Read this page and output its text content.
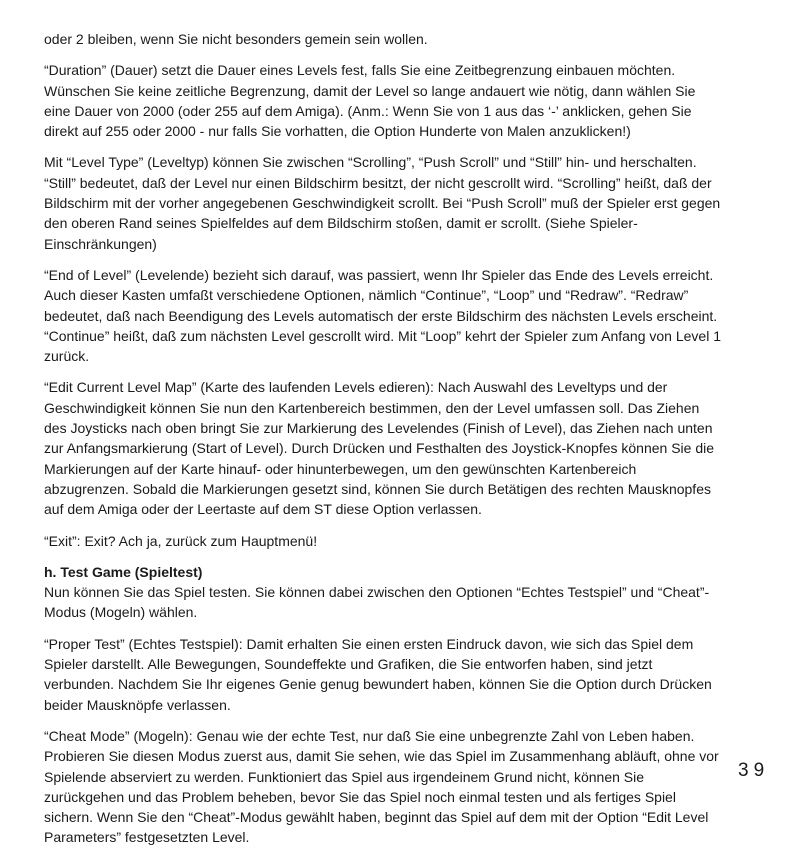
oder 2 bleiben, wenn Sie nicht besonders gemein sein wollen.

“Duration” (Dauer) setzt die Dauer eines Levels fest, falls Sie eine Zeitbegrenzung einbauen möchten.
Wünschen Sie keine zeitliche Begrenzung, damit der Level so lange andauert wie nötig, dann wählen Sie
eine Dauer von 2000 (oder 255 auf dem Amiga). (Anm.: Wenn Sie von 1 aus das ‘-’ anklicken, gehen Sie
direkt auf 255 oder 2000 - nur falls Sie vorhatten, die Option Hunderte von Malen anzuklicken!)

Mit “Level Type” (Leveltyp) können Sie zwischen “Scrolling”, “Push Scroll” und “Still” hin- und herschalten.
“Still” bedeutet, daß der Level nur einen Bildschirm besitzt, der nicht gescrollt wird. “Scrolling” heißt, daß der
Bildschirm mit der vorher angegebenen Geschwindigkeit scrollt. Bei “Push Scroll” muß der Spieler erst gegen
den oberen Rand seines Spielfeldes auf dem Bildschirm stoßen, damit er scrollt. (Siehe Spieler-
Einschränkungen)

“End of Level” (Levelende) bezieht sich darauf, was passiert, wenn Ihr Spieler das Ende des Levels erreicht.
Auch dieser Kasten umfaßt verschiedene Optionen, nämlich “Continue”, “Loop” und “Redraw”. “Redraw”
bedeutet, daß nach Beendigung des Levels automatisch der erste Bildschirm des nächsten Levels erscheint.
“Continue” heißt, daß zum nächsten Level gescrollt wird. Mit “Loop” kehrt der Spieler zum Anfang von Level 1
zurück.

“Edit Current Level Map” (Karte des laufenden Levels edieren): Nach Auswahl des Leveltyps und der
Geschwindigkeit können Sie nun den Kartenbereich bestimmen, den der Level umfassen soll. Das Ziehen
des Joysticks nach oben bringt Sie zur Markierung des Levelendes (Finish of Level), das Ziehen nach unten
zur Anfangsmarkierung (Start of Level). Durch Drücken und Festhalten des Joystick-Knopfes können Sie die
Markierungen auf der Karte hinauf- oder hinunterbewegen, um den gewünschten Kartenbereich
abzugrenzen. Sobald die Markierungen gesetzt sind, können Sie durch Betätigen des rechten Mausknopfes
auf dem Amiga oder der Leertaste auf dem ST diese Option verlassen.

“Exit”: Exit? Ach ja, zurück zum Hauptmenü!

h. Test Game (Spieltest)

Nun können Sie das Spiel testen. Sie können dabei zwischen den Optionen “Echtes Testspiel” und “Cheat”-
Modus (Mogeln) wählen.

“Proper Test” (Echtes Testspiel): Damit erhalten Sie einen ersten Eindruck davon, wie sich das Spiel dem
Spieler darstellt. Alle Bewegungen, Soundeffekte und Grafiken, die Sie entworfen haben, sind jetzt
verbunden. Nachdem Sie Ihr eigenes Genie genug bewundert haben, können Sie die Option durch Drücken
beider Mausknöpfe verlassen.

“Cheat Mode” (Mogeln): Genau wie der echte Test, nur daß Sie eine unbegrenzte Zahl von Leben haben.
Probieren Sie diesen Modus zuerst aus, damit Sie sehen, wie das Spiel im Zusammenhang abläuft, ohne vor
Spielende abserviert zu werden. Funktioniert das Spiel aus irgendeinem Grund nicht, können Sie
zurückgehen und das Problem beheben, bevor Sie das Spiel noch einmal testen und als fertiges Spiel
sichern. Wenn Sie den “Cheat”-Modus gewählt haben, beginnt das Spiel auf dem mit der Option “Edit Level
Parameters” festgesetzten Level.

39
